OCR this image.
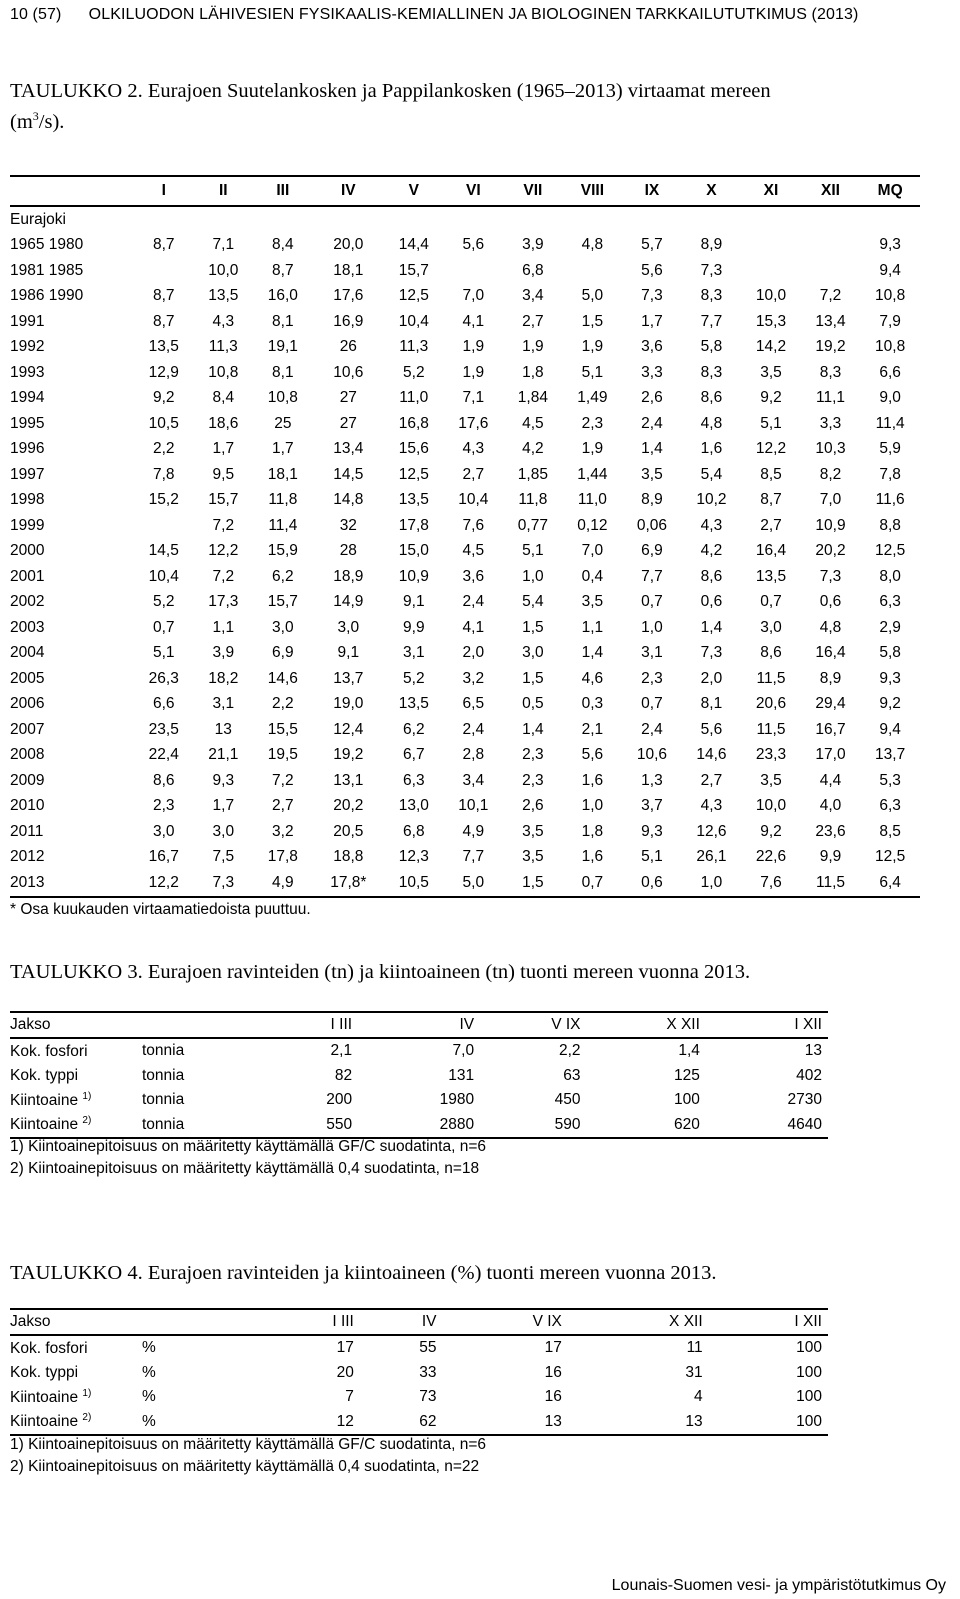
10 (57)      OLKILUODON LÄHIVESIEN FYSIKAALIS-KEMIALLINEN JA BIOLOGINEN TARKKAILUTUTKIMUS (2013)
TAULUKKO 2. Eurajoen Suutelankosken ja Pappilankosken (1965–2013) virtaamat mereen
$(m^3/s)$.
	I	II	III	IV	V	VI	VII	VIII	IX	X	XI	XII	MQ
Eurajoki													
1965 1980	8,7	7,1	8,4	20,0	14,4	5,6	3,9	4,8	5,7	8,9			9,3
1981 1985		10,0	8,7	18,1	15,7		6,8		5,6	7,3			9,4
1986 1990	8,7	13,5	16,0	17,6	12,5	7,0	3,4	5,0	7,3	8,3	10,0	7,2	10,8
1991	8,7	4,3	8,1	16,9	10,4	4,1	2,7	1,5	1,7	7,7	15,3	13,4	7,9
1992	13,5	11,3	19,1	26	11,3	1,9	1,9	1,9	3,6	5,8	14,2	19,2	10,8
1993	12,9	10,8	8,1	10,6	5,2	1,9	1,8	5,1	3,3	8,3	3,5	8,3	6,6
1994	9,2	8,4	10,8	27	11,0	7,1	1,84	1,49	2,6	8,6	9,2	11,1	9,0
1995	10,5	18,6	25	27	16,8	17,6	4,5	2,3	2,4	4,8	5,1	3,3	11,4
1996	2,2	1,7	1,7	13,4	15,6	4,3	4,2	1,9	1,4	1,6	12,2	10,3	5,9
1997	7,8	9,5	18,1	14,5	12,5	2,7	1,85	1,44	3,5	5,4	8,5	8,2	7,8
1998	15,2	15,7	11,8	14,8	13,5	10,4	11,8	11,0	8,9	10,2	8,7	7,0	11,6
1999		7,2	11,4	32	17,8	7,6	0,77	0,12	0,06	4,3	2,7	10,9	8,8
2000	14,5	12,2	15,9	28	15,0	4,5	5,1	7,0	6,9	4,2	16,4	20,2	12,5
2001	10,4	7,2	6,2	18,9	10,9	3,6	1,0	0,4	7,7	8,6	13,5	7,3	8,0
2002	5,2	17,3	15,7	14,9	9,1	2,4	5,4	3,5	0,7	0,6	0,7	0,6	6,3
2003	0,7	1,1	3,0	3,0	9,9	4,1	1,5	1,1	1,0	1,4	3,0	4,8	2,9
2004	5,1	3,9	6,9	9,1	3,1	2,0	3,0	1,4	3,1	7,3	8,6	16,4	5,8
2005	26,3	18,2	14,6	13,7	5,2	3,2	1,5	4,6	2,3	2,0	11,5	8,9	9,3
2006	6,6	3,1	2,2	19,0	13,5	6,5	0,5	0,3	0,7	8,1	20,6	29,4	9,2
2007	23,5	13	15,5	12,4	6,2	2,4	1,4	2,1	2,4	5,6	11,5	16,7	9,4
2008	22,4	21,1	19,5	19,2	6,7	2,8	2,3	5,6	10,6	14,6	23,3	17,0	13,7
2009	8,6	9,3	7,2	13,1	6,3	3,4	2,3	1,6	1,3	2,7	3,5	4,4	5,3
2010	2,3	1,7	2,7	20,2	13,0	10,1	2,6	1,0	3,7	4,3	10,0	4,0	6,3
2011	3,0	3,0	3,2	20,5	6,8	4,9	3,5	1,8	9,3	12,6	9,2	23,6	8,5
2012	16,7	7,5	17,8	18,8	12,3	7,7	3,5	1,6	5,1	26,1	22,6	9,9	12,5
2013	12,2	7,3	4,9	17,8*	10,5	5,0	1,5	0,7	0,6	1,0	7,6	11,5	6,4
* Osa kuukauden virtaamatiedoista puuttuu.
TAULUKKO 3. Eurajoen ravinteiden (tn) ja kiintoaineen (tn) tuonti mereen vuonna 2013.
Jakso		I III	IV	V IX	X XII	I XII
Kok. fosfori	tonnia	2,1	7,0	2,2	1,4	13
Kok. typpi	tonnia	82	131	63	125	402
Kiintoaine $^{1)}$	tonnia	200	1980	450	100	2730
Kiintoaine $^{2)}$	tonnia	550	2880	590	620	4640
1) Kiintoainepitoisuus on määritetty käyttämällä GF/C suodatinta, n=6
2) Kiintoainepitoisuus on määritetty käyttämällä 0,4 suodatinta, n=18
TAULUKKO 4. Eurajoen ravinteiden ja kiintoaineen (%) tuonti mereen vuonna 2013.
Jakso		I III	IV	V IX	X XII	I XII
Kok. fosfori	%	17	55	17	11	100
Kok. typpi	%	20	33	16	31	100
Kiintoaine $^{1)}$	%	7	73	16	4	100
Kiintoaine $^{2)}$	%	12	62	13	13	100
1) Kiintoainepitoisuus on määritetty käyttämällä GF/C suodatinta, n=6
2) Kiintoainepitoisuus on määritetty käyttämällä 0,4 suodatinta, n=22
Lounais-Suomen vesi- ja ympäristötutkimus Oy
